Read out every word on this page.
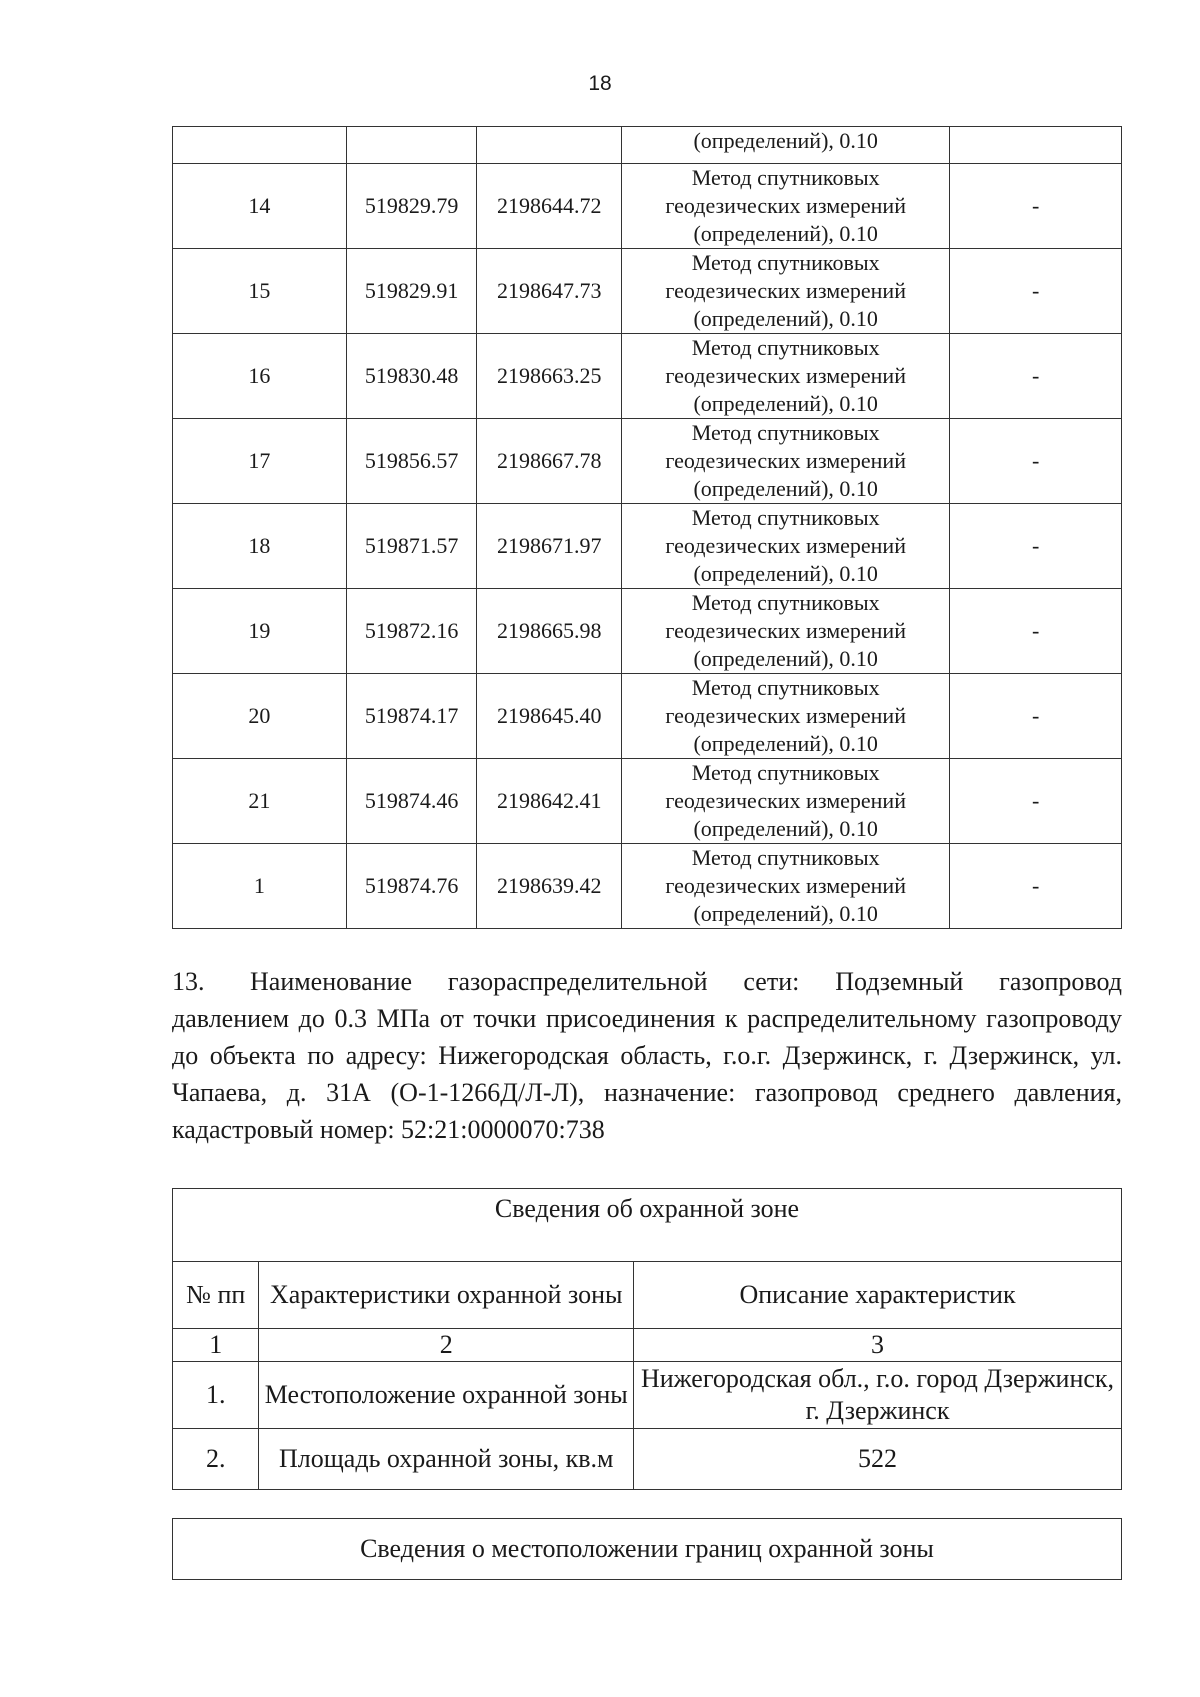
18
			(определений), 0.10	
14	519829.79	2198644.72	Метод спутниковых
геодезических измерений
(определений), 0.10	-
15	519829.91	2198647.73	Метод спутниковых
геодезических измерений
(определений), 0.10	-
16	519830.48	2198663.25	Метод спутниковых
геодезических измерений
(определений), 0.10	-
17	519856.57	2198667.78	Метод спутниковых
геодезических измерений
(определений), 0.10	-
18	519871.57	2198671.97	Метод спутниковых
геодезических измерений
(определений), 0.10	-
19	519872.16	2198665.98	Метод спутниковых
геодезических измерений
(определений), 0.10	-
20	519874.17	2198645.40	Метод спутниковых
геодезических измерений
(определений), 0.10	-
21	519874.46	2198642.41	Метод спутниковых
геодезических измерений
(определений), 0.10	-
1	519874.76	2198639.42	Метод спутниковых
геодезических измерений
(определений), 0.10	-

13. Наименование газораспределительной сети: Подземный газопровод давлением до 0.3 МПа от точки присоединения к распределительному газопроводу до объекта по адресу: Нижегородская область, г.о.г. Дзержинск, г. Дзержинск, ул. Чапаева, д. 31А (О-1-1266Д/Л-Л), назначение: газопровод среднего давления, кадастровый номер: 52:21:0000070:738

Сведения об охранной зоне		
№ пп	Характеристики охранной зоны	Описание характеристик
1	2	3
1.	Местоположение охранной зоны	Нижегородская обл., г.о. город Дзержинск, г. Дзержинск
2.	Площадь охранной зоны, кв.м	522
Сведения о местоположении границ охранной зоны
